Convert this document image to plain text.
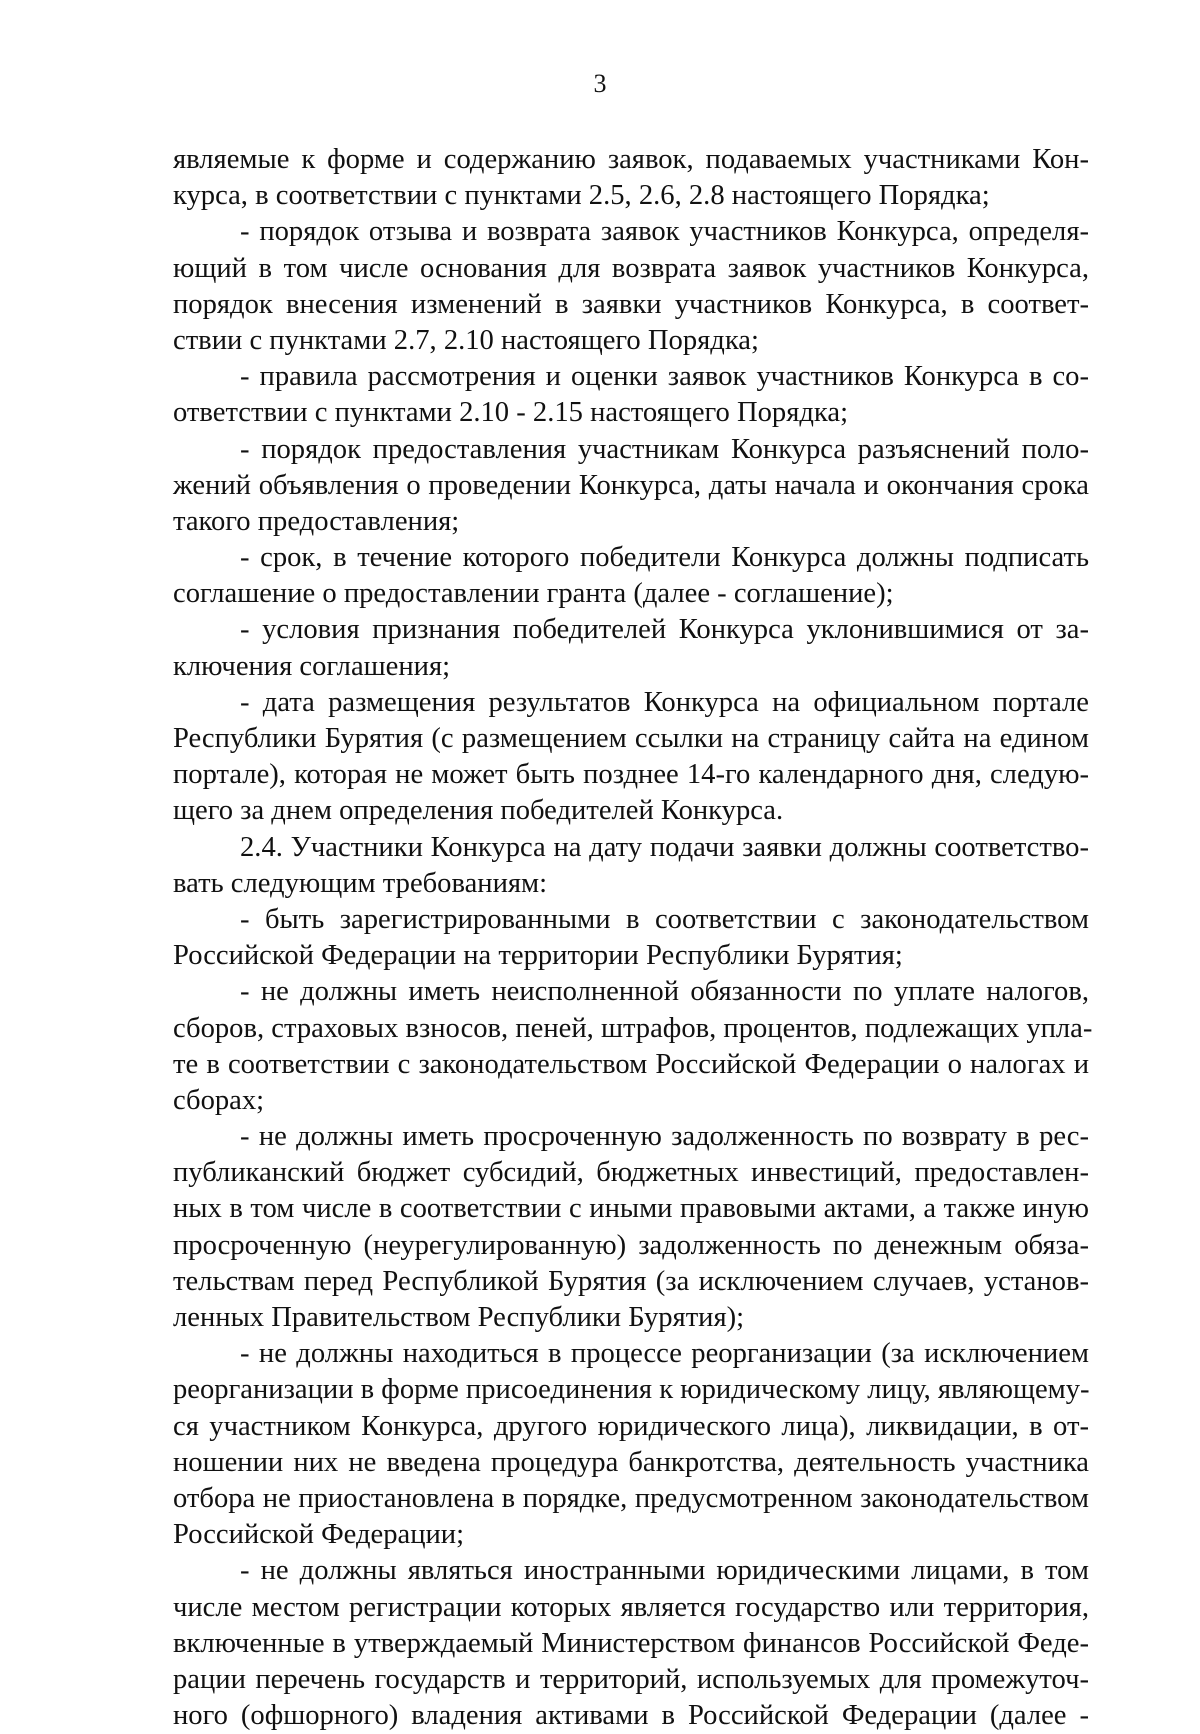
3
являемые к форме и содержанию заявок, подаваемых участниками Кон-
курса, в соответствии с пунктами 2.5, 2.6, 2.8 настоящего Порядка;
- порядок отзыва и возврата заявок участников Конкурса, определя-
ющий в том числе основания для возврата заявок участников Конкурса,
порядок внесения изменений в заявки участников Конкурса, в соответ-
ствии с пунктами 2.7, 2.10 настоящего Порядка;
- правила рассмотрения и оценки заявок участников Конкурса в со-
ответствии с пунктами 2.10 - 2.15 настоящего Порядка;
- порядок предоставления участникам Конкурса разъяснений поло-
жений объявления о проведении Конкурса, даты начала и окончания срока
такого предоставления;
- срок, в течение которого победители Конкурса должны подписать
соглашение о предоставлении гранта (далее - соглашение);
- условия признания победителей Конкурса уклонившимися от за-
ключения соглашения;
- дата размещения результатов Конкурса на официальном портале
Республики Бурятия (с размещением ссылки на страницу сайта на едином
портале), которая не может быть позднее 14-го календарного дня, следую-
щего за днем определения победителей Конкурса.
2.4. Участники Конкурса на дату подачи заявки должны соответство-
вать следующим требованиям:
- быть зарегистрированными в соответствии с законодательством
Российской Федерации на территории Республики Бурятия;
- не должны иметь неисполненной обязанности по уплате налогов,
сборов, страховых взносов, пеней, штрафов, процентов, подлежащих упла-
те в соответствии с законодательством Российской Федерации о налогах и
сборах;
- не должны иметь просроченную задолженность по возврату в рес-
публиканский бюджет субсидий, бюджетных инвестиций, предоставлен-
ных в том числе в соответствии с иными правовыми актами, а также иную
просроченную (неурегулированную) задолженность по денежным обяза-
тельствам перед Республикой Бурятия (за исключением случаев, установ-
ленных Правительством Республики Бурятия);
- не должны находиться в процессе реорганизации (за исключением
реорганизации в форме присоединения к юридическому лицу, являющему-
ся участником Конкурса, другого юридического лица), ликвидации, в от-
ношении них не введена процедура банкротства, деятельность участника
отбора не приостановлена в порядке, предусмотренном законодательством
Российской Федерации;
- не должны являться иностранными юридическими лицами, в том
числе местом регистрации которых является государство или территория,
включенные в утверждаемый Министерством финансов Российской Феде-
рации перечень государств и территорий, используемых для промежуточ-
ного (офшорного) владения активами в Российской Федерации (далее -
